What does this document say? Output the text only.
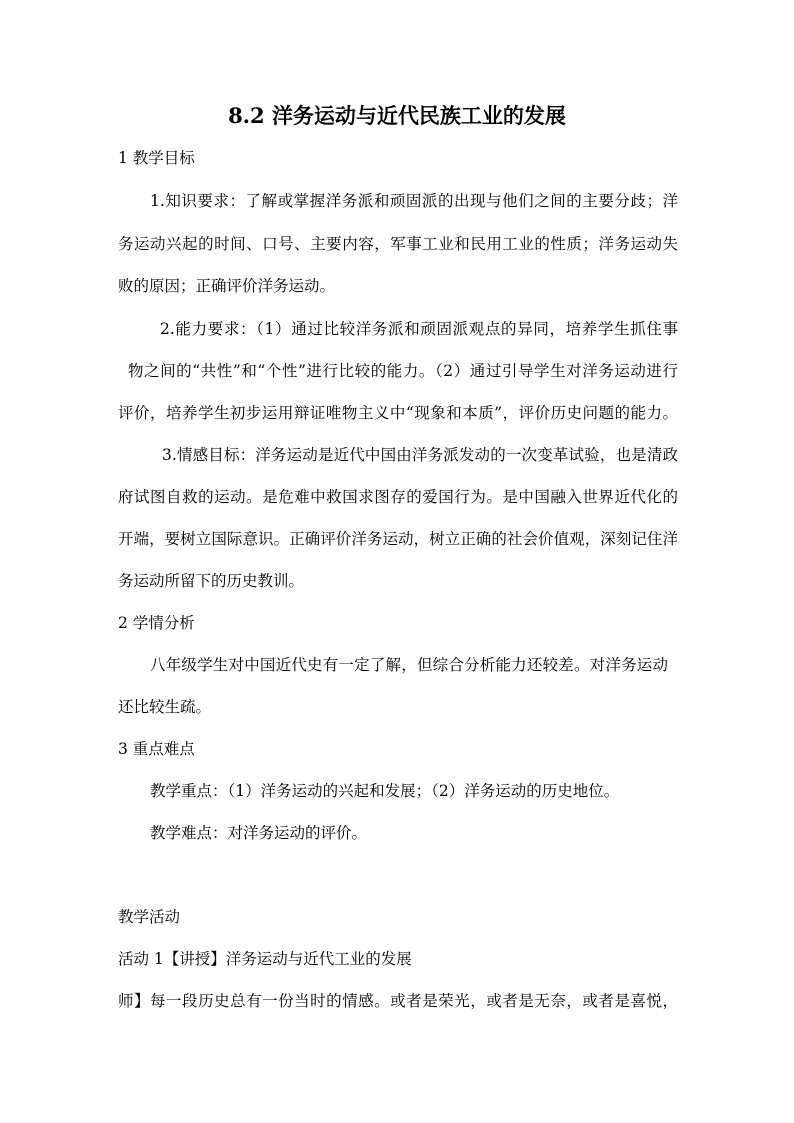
8.2 洋务运动与近代民族工业的发展

1 教学目标

1.知识要求：了解或掌握洋务派和顽固派的出现与他们之间的主要分歧；洋

务运动兴起的时间、口号、主要内容，军事工业和民用工业的性质；洋务运动失

败的原因；正确评价洋务运动。

2.能力要求：（1）通过比较洋务派和顽固派观点的异同，培养学生抓住事

物之间的“共性”和“个性”进行比较的能力。（2）通过引导学生对洋务运动进行

评价，培养学生初步运用辩证唯物主义中“现象和本质”，评价历史问题的能力。

3.情感目标：洋务运动是近代中国由洋务派发动的一次变革试验，也是清政

府试图自救的运动。是危难中救国求图存的爱国行为。是中国融入世界近代化的

开端，要树立国际意识。正确评价洋务运动，树立正确的社会价值观，深刻记住洋

务运动所留下的历史教训。

2 学情分析

八年级学生对中国近代史有一定了解，但综合分析能力还较差。对洋务运动

还比较生疏。

3 重点难点

教学重点：（1）洋务运动的兴起和发展；（2）洋务运动的历史地位。

教学难点：对洋务运动的评价。

教学活动

活动 1【讲授】洋务运动与近代工业的发展

师】每一段历史总有一份当时的情感。或者是荣光，或者是无奈，或者是喜悦，
